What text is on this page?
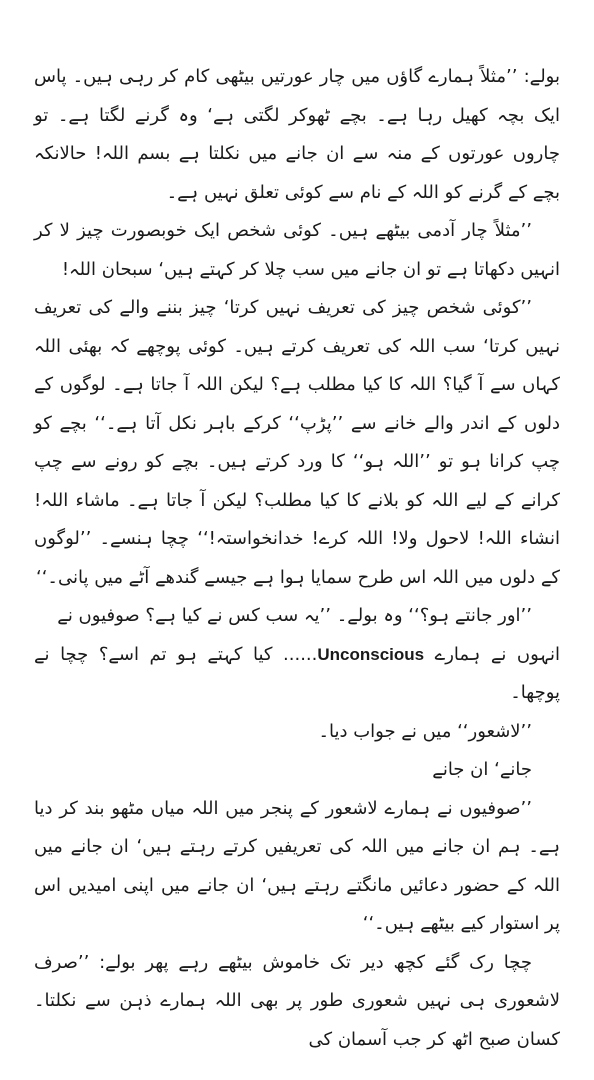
بولے: ’’مثلاً ہمارے گاؤں میں چار عورتیں بیٹھی کام کر رہی ہیں۔ پاس ایک بچہ کھیل رہا ہے۔ بچے ٹھوکر لگتی ہے‘ وہ گرنے لگتا ہے۔ تو چاروں عورتوں کے منہ سے ان جانے میں نکلتا ہے بسم اللہ! حالانکہ بچے کے گرنے کو اللہ کے نام سے کوئی تعلق نہیں ہے۔

’’مثلاً چار آدمی بیٹھے ہیں۔ کوئی شخص ایک خوبصورت چیز لا کر انہیں دکھاتا ہے تو ان جانے میں سب چلا کر کہتے ہیں‘ سبحان اللہ!

’’کوئی شخص چیز کی تعریف نہیں کرتا‘ چیز بننے والے کی تعریف نہیں کرتا‘ سب اللہ کی تعریف کرتے ہیں۔ کوئی پوچھے کہ بھئی اللہ کہاں سے آ گیا؟ اللہ کا کیا مطلب ہے؟ لیکن اللہ آ جاتا ہے۔ لوگوں کے دلوں کے اندر والے خانے سے ’’پڑپ‘‘ کرکے باہر نکل آتا ہے۔‘‘ بچے کو چپ کرانا ہو تو ’’اللہ ہو‘‘ کا ورد کرتے ہیں۔ بچے کو رونے سے چپ کرانے کے لیے اللہ کو بلانے کا کیا مطلب؟ لیکن آ جاتا ہے۔ ماشاء اللہ! انشاء اللہ! لاحول ولا! اللہ کرے! خدانخواستہ!‘‘ چچا ہنسے۔ ’’لوگوں کے دلوں میں اللہ اس طرح سمایا ہوا ہے جیسے گندھے آٹے میں پانی۔‘‘

’’اور جانتے ہو؟‘‘ وہ بولے۔ ’’یہ سب کس نے کیا ہے؟ صوفیوں نے

انہوں نے ہمارے Unconscious...... کیا کہتے ہو تم اسے؟ چچا نے پوچھا۔

’’لاشعور‘‘ میں نے جواب دیا۔

جانے‘ ان جانے

’’صوفیوں نے ہمارے لاشعور کے پنجر میں اللہ میاں مٹھو بند کر دیا ہے۔ ہم ان جانے میں اللہ کی تعریفیں کرتے رہتے ہیں‘ ان جانے میں اللہ کے حضور دعائیں مانگتے رہتے ہیں‘ ان جانے میں اپنی امیدیں اس پر استوار کیے بیٹھے ہیں۔‘‘

چچا رک گئے کچھ دیر تک خاموش بیٹھے رہے پھر بولے: ’’صرف لاشعوری ہی نہیں شعوری طور پر بھی اللہ ہمارے ذہن سے نکلتا۔ کسان صبح اٹھ کر جب آسمان کی
